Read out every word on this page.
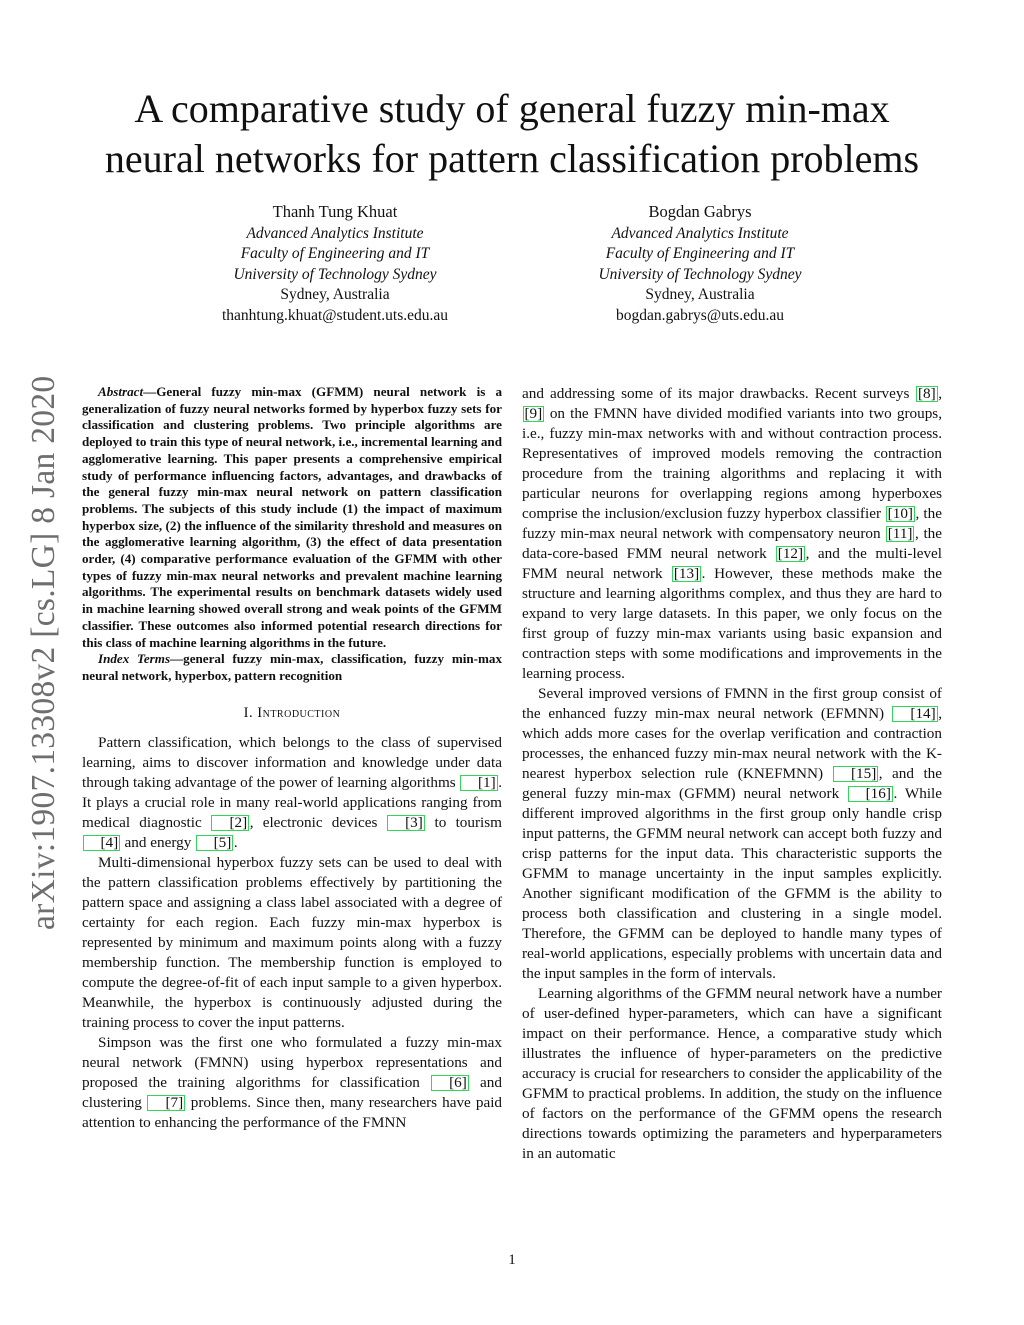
A comparative study of general fuzzy min-max
neural networks for pattern classification problems
Thanh Tung Khuat
Advanced Analytics Institute
Faculty of Engineering and IT
University of Technology Sydney
Sydney, Australia
thanhtung.khuat@student.uts.edu.au
Bogdan Gabrys
Advanced Analytics Institute
Faculty of Engineering and IT
University of Technology Sydney
Sydney, Australia
bogdan.gabrys@uts.edu.au
arXiv:1907.13308v2 [cs.LG] 8 Jan 2020	Abstract—General fuzzy min-max (GFMM) neural network is a generalization of fuzzy neural networks formed by hyperbox fuzzy sets for classification and clustering problems. Two principle algorithms are deployed to train this type of neural network, i.e., incremental learning and agglomerative learning. This paper presents a comprehensive empirical study of performance influencing factors, advantages, and drawbacks of the general fuzzy min-max neural network on pattern classification problems. The subjects of this study include (1) the impact of maximum hyperbox size, (2) the influence of the similarity threshold and measures on the agglomerative learning algorithm, (3) the effect of data presentation order, (4) comparative performance evaluation of the GFMM with other types of fuzzy min-max neural networks and prevalent machine learning algorithms. The experimental results on benchmark datasets widely used in machine learning showed overall strong and weak points of the GFMM classifier. These outcomes also informed potential research directions for this class of machine learning algorithms in the future.

Index Terms—general fuzzy min-max, classification, fuzzy min-max neural network, hyperbox, pattern recognition

I. Introduction

Pattern classification, which belongs to the class of supervised learning, aims to discover information and knowledge under data through taking advantage of the power of learning algorithms [1] . It plays a crucial role in many real-world applications ranging from medical diagnostic [2] , electronic devices [3] to tourism [4] and energy [5] .

Multi-dimensional hyperbox fuzzy sets can be used to deal with the pattern classification problems effectively by partitioning the pattern space and assigning a class label associated with a degree of certainty for each region. Each fuzzy min-max hyperbox is represented by minimum and maximum points along with a fuzzy membership function. The membership function is employed to compute the degree-of-fit of each input sample to a given hyperbox. Meanwhile, the hyperbox is continuously adjusted during the training process to cover the input patterns.

Simpson was the first one who formulated a fuzzy min-max neural network (FMNN) using hyperbox representations and proposed the training algorithms for classification [6] and clustering [7] problems. Since then, many researchers have paid attention to enhancing the performance of the FMNN

and addressing some of its major drawbacks. Recent surveys [8] , [9] on the FMNN have divided modified variants into two groups, i.e., fuzzy min-max networks with and without contraction process. Representatives of improved models removing the contraction procedure from the training algorithms and replacing it with particular neurons for overlapping regions among hyperboxes comprise the inclusion/exclusion fuzzy hyperbox classifier [10] , the fuzzy min-max neural network with compensatory neuron [11] , the data-core-based FMM neural network [12] , and the multi-level FMM neural network [13] . However, these methods make the structure and learning algorithms complex, and thus they are hard to expand to very large datasets. In this paper, we only focus on the first group of fuzzy min-max variants using basic expansion and contraction steps with some modifications and improvements in the learning process.

Several improved versions of FMNN in the first group consist of the enhanced fuzzy min-max neural network (EFMNN) [14] , which adds more cases for the overlap verification and contraction processes, the enhanced fuzzy min-max neural network with the K-nearest hyperbox selection rule (KNEFMNN) [15] , and the general fuzzy min-max (GFMM) neural network [16] . While different improved algorithms in the first group only handle crisp input patterns, the GFMM neural network can accept both fuzzy and crisp patterns for the input data. This characteristic supports the GFMM to manage uncertainty in the input samples explicitly. Another significant modification of the GFMM is the ability to process both classification and clustering in a single model. Therefore, the GFMM can be deployed to handle many types of real-world applications, especially problems with uncertain data and the input samples in the form of intervals.

Learning algorithms of the GFMM neural network have a number of user-defined hyper-parameters, which can have a significant impact on their performance. Hence, a comparative study which illustrates the influence of hyper-parameters on the predictive accuracy is crucial for researchers to consider the applicability of the GFMM to practical problems. In addition, the study on the influence of factors on the performance of the GFMM opens the research directions towards optimizing the parameters and hyperparameters in an automatic

1
